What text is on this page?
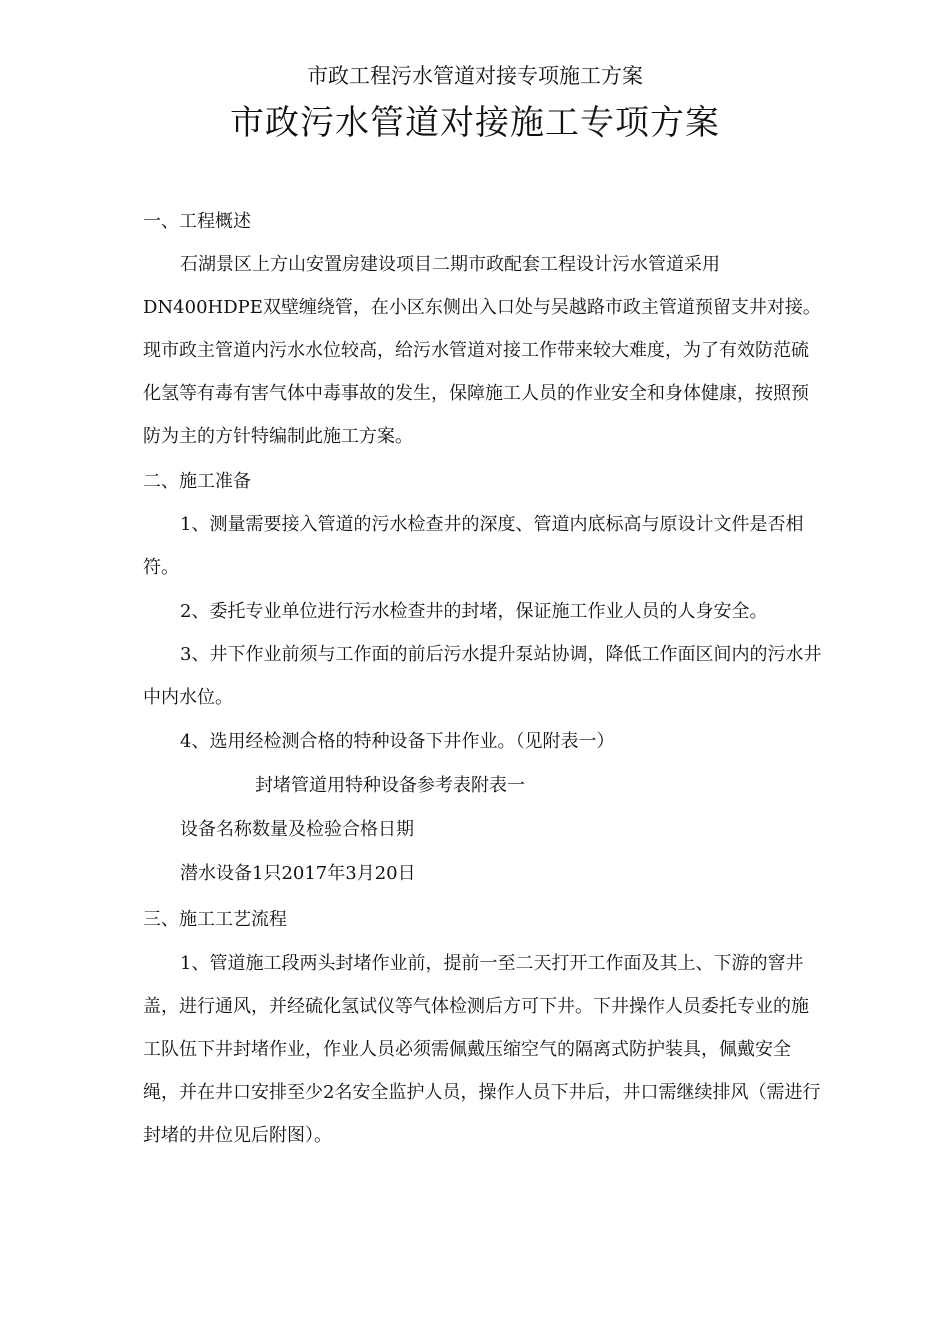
市政工程污水管道对接专项施工方案
市政污水管道对接施工专项方案

一、工程概述

石湖景区上方山安置房建设项目二期市政配套工程设计污水管道采用DN400HDPE双壁缠绕管，在小区东侧出入口处与吴越路市政主管道预留支井对接。现市政主管道内污水水位较高，给污水管道对接工作带来较大难度，为了有效防范硫化氢等有毒有害气体中毒事故的发生，保障施工人员的作业安全和身体健康，按照预防为主的方针特编制此施工方案。

二、施工准备

1、测量需要接入管道的污水检查井的深度、管道内底标高与原设计文件是否相符。

2、委托专业单位进行污水检查井的封堵，保证施工作业人员的人身安全。

3、井下作业前须与工作面的前后污水提升泵站协调，降低工作面区间内的污水井中内水位。

4、选用经检测合格的特种设备下井作业。（见附表一）

封堵管道用特种设备参考表附表一

设备名称数量及检验合格日期

潜水设备1只2017年3月20日

三、施工工艺流程

1、管道施工段两头封堵作业前，提前一至二天打开工作面及其上、下游的窨井盖，进行通风，并经硫化氢试仪等气体检测后方可下井。下井操作人员委托专业的施工队伍下井封堵作业，作业人员必须需佩戴压缩空气的隔离式防护装具，佩戴安全绳，并在井口安排至少2名安全监护人员，操作人员下井后，井口需继续排风（需进行封堵的井位见后附图）。
